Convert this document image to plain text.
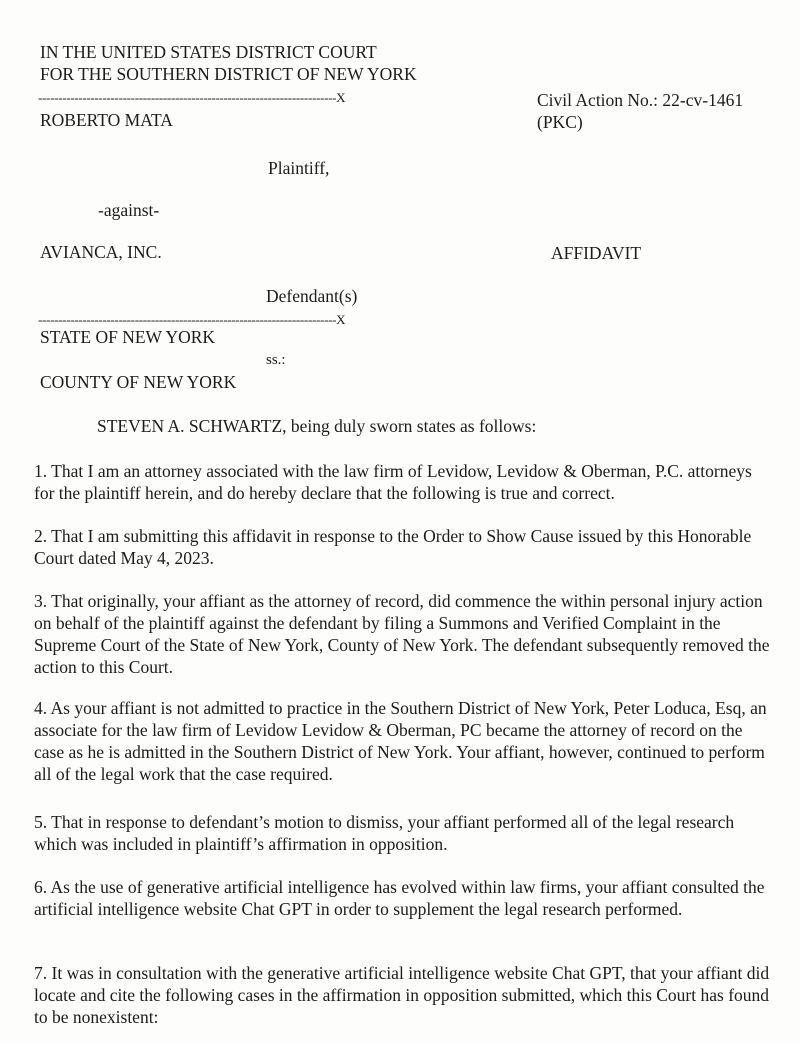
IN THE UNITED STATES DISTRICT COURT
FOR THE SOUTHERN DISTRICT OF NEW YORK
--------------------------------------------------------------------------X	Civil Action No.: 22-cv-1461
(PKC)
ROBERTO MATA
Plaintiff,
-against-
AVIANCA, INC.	AFFIDAVIT
Defendant(s)
--------------------------------------------------------------------------X
STATE OF NEW YORK
ss.:
COUNTY OF NEW YORK
STEVEN A. SCHWARTZ, being duly sworn states as follows:
1. That I am an attorney associated with the law firm of Levidow, Levidow & Oberman, P.C. attorneys for the plaintiff herein, and do hereby declare that the following is true and correct.
2. That I am submitting this affidavit in response to the Order to Show Cause issued by this Honorable Court dated May 4, 2023.
3. That originally, your affiant as the attorney of record, did commence the within personal injury action on behalf of the plaintiff against the defendant by filing a Summons and Verified Complaint in the Supreme Court of the State of New York, County of New York. The defendant subsequently removed the action to this Court.
4. As your affiant is not admitted to practice in the Southern District of New York, Peter Loduca, Esq, an associate for the law firm of Levidow Levidow & Oberman, PC became the attorney of record on the case as he is admitted in the Southern District of New York. Your affiant, however, continued to perform all of the legal work that the case required.
5. That in response to defendant’s motion to dismiss, your affiant performed all of the legal research which was included in plaintiff’s affirmation in opposition.
6. As the use of generative artificial intelligence has evolved within law firms, your affiant consulted the artificial intelligence website Chat GPT in order to supplement the legal research performed.
7. It was in consultation with the generative artificial intelligence website Chat GPT, that your affiant did locate and cite the following cases in the affirmation in opposition submitted, which this Court has found to be nonexistent:
